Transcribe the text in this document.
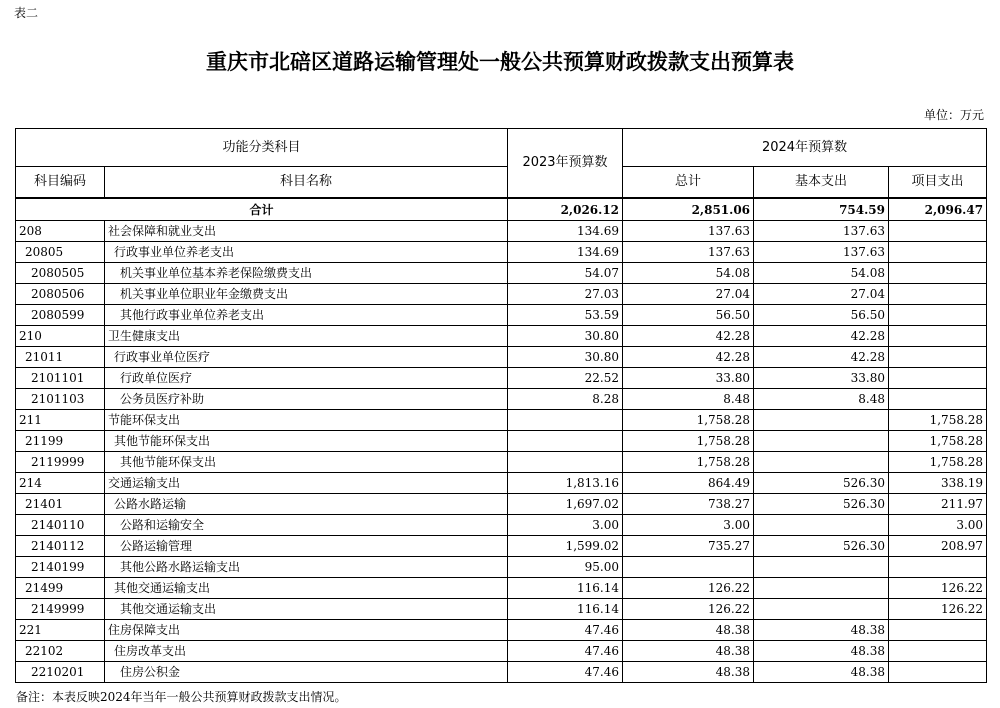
表二
重庆市北碚区道路运输管理处一般公共预算财政拨款支出预算表
单位：万元
功能分类科目		2023年预算数	2024年预算数		
科目编码	科目名称		总计	基本支出	项目支出
合计		2,026.12	2,851.06	754.59	2,096.47
208	社会保障和就业支出	134.69	137.63	137.63	
20805	行政事业单位养老支出	134.69	137.63	137.63	
2080505	机关事业单位基本养老保险缴费支出	54.07	54.08	54.08	
2080506	机关事业单位职业年金缴费支出	27.03	27.04	27.04	
2080599	其他行政事业单位养老支出	53.59	56.50	56.50	
210	卫生健康支出	30.80	42.28	42.28	
21011	行政事业单位医疗	30.80	42.28	42.28	
2101101	行政单位医疗	22.52	33.80	33.80	
2101103	公务员医疗补助	8.28	8.48	8.48	
211	节能环保支出		1,758.28		1,758.28
21199	其他节能环保支出		1,758.28		1,758.28
2119999	其他节能环保支出		1,758.28		1,758.28
214	交通运输支出	1,813.16	864.49	526.30	338.19
21401	公路水路运输	1,697.02	738.27	526.30	211.97
2140110	公路和运输安全	3.00	3.00		3.00
2140112	公路运输管理	1,599.02	735.27	526.30	208.97
2140199	其他公路水路运输支出	95.00			
21499	其他交通运输支出	116.14	126.22		126.22
2149999	其他交通运输支出	116.14	126.22		126.22
221	住房保障支出	47.46	48.38	48.38	
22102	住房改革支出	47.46	48.38	48.38	
2210201	住房公积金	47.46	48.38	48.38	
备注：本表反映2024年当年一般公共预算财政拨款支出情况。
